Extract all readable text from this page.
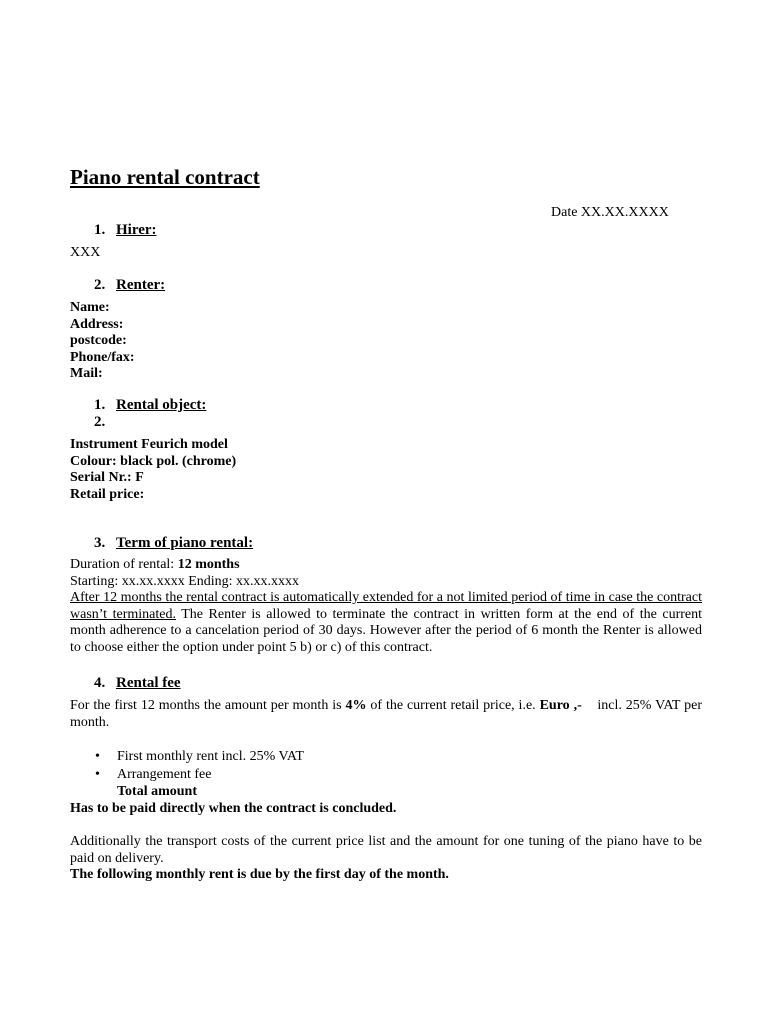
Piano rental contract
Date XX.XX.XXXX
1. Hirer:
XXX
2. Renter:
Name:
Address:
postcode:
Phone/fax:
Mail:
1. Rental object:
2.
Instrument Feurich model
Colour: black pol. (chrome)
Serial Nr.: F
Retail price:
3. Term of piano rental:
Duration of rental: 12 months
Starting: xx.xx.xxxx Ending: xx.xx.xxxx
After 12 months the rental contract is automatically extended for a not limited period of time in case the contract wasn’t terminated. The Renter is allowed to terminate the contract in written form at the end of the current month adherence to a cancelation period of 30 days. However after the period of 6 month the Renter is allowed to choose either the option under point 5 b) or c) of this contract.
4. Rental fee
For the first 12 months the amount per month is 4% of the current retail price, i.e. Euro ,-    incl. 25% VAT per month.
• First monthly rent incl. 25% VAT
• Arrangement fee
Total amount
Has to be paid directly when the contract is concluded.
Additionally the transport costs of the current price list and the amount for one tuning of the piano have to be paid on delivery.
The following monthly rent is due by the first day of the month.
